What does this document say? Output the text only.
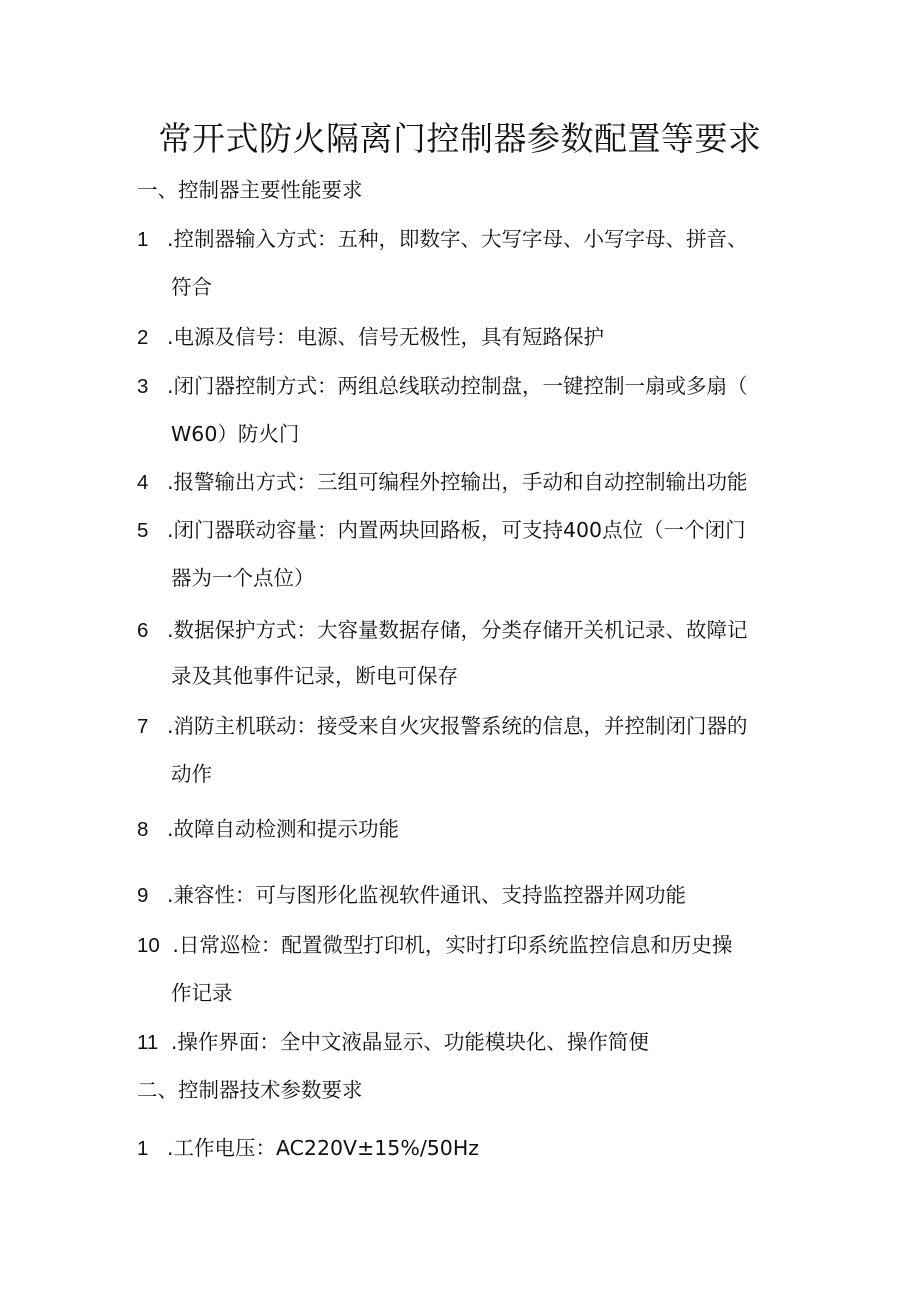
常开式防火隔离门控制器参数配置等要求
一、控制器主要性能要求
1 .控制器输入方式：五种，即数字、大写字母、小写字母、拼音、
符合
2 .电源及信号：电源、信号无极性，具有短路保护
3 .闭门器控制方式：两组总线联动控制盘，一键控制一扇或多扇（
W60）防火门
4 .报警输出方式：三组可编程外控输出，手动和自动控制输出功能
5 .闭门器联动容量：内置两块回路板，可支持400点位（一个闭门
器为一个点位）
6 .数据保护方式：大容量数据存储，分类存储开关机记录、故障记
录及其他事件记录，断电可保存
7 .消防主机联动：接受来自火灾报警系统的信息，并控制闭门器的
动作
8 .故障自动检测和提示功能
9 .兼容性：可与图形化监视软件通讯、支持监控器并网功能
10 .日常巡检：配置微型打印机，实时打印系统监控信息和历史操
作记录
11 .操作界面：全中文液晶显示、功能模块化、操作简便
二、控制器技术参数要求
1 .工作电压：AC220V±15%/50Hz
